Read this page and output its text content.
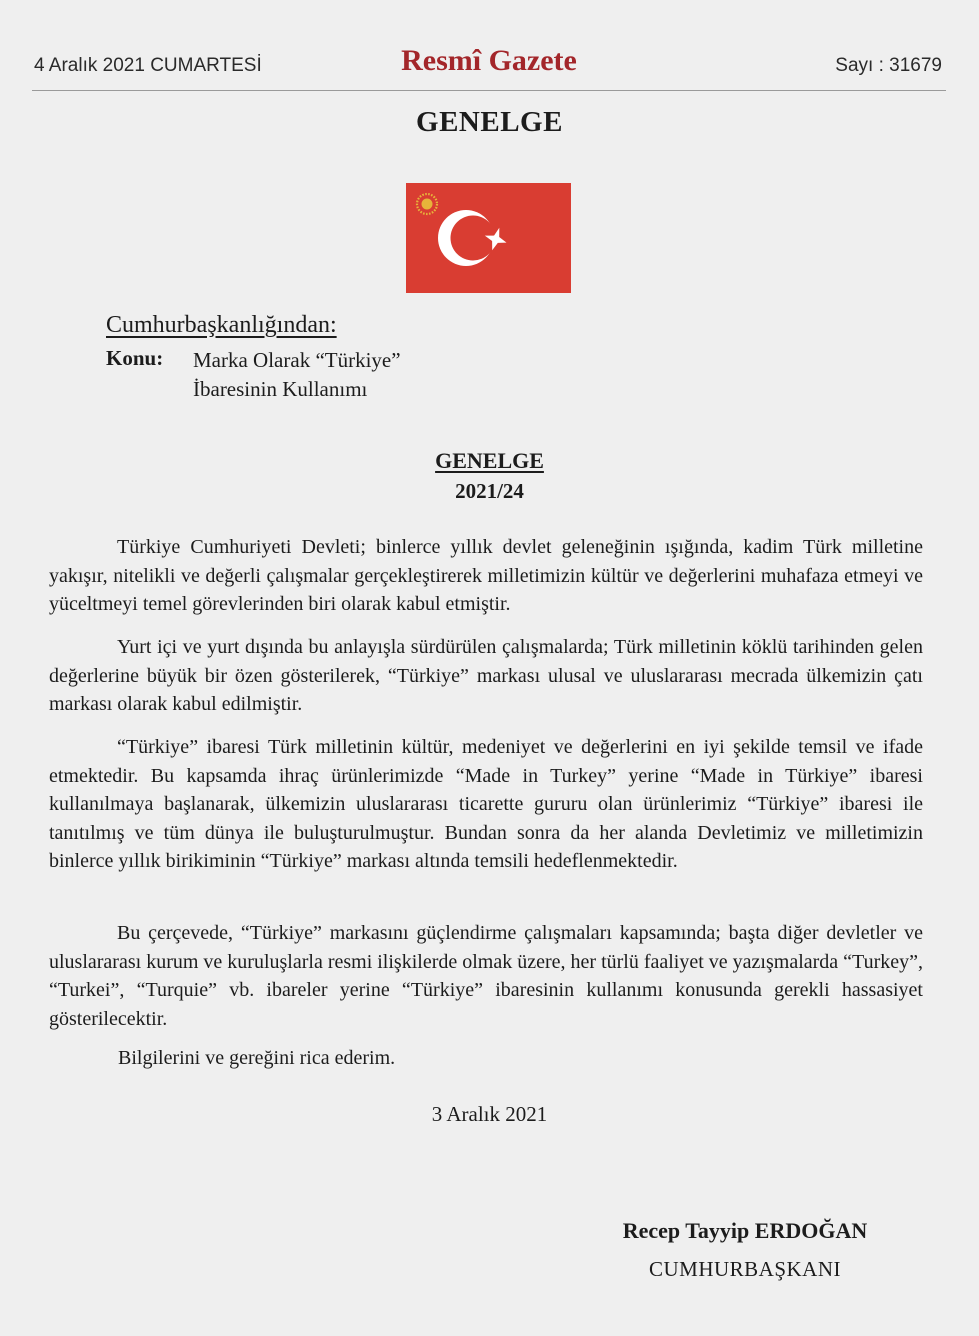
4 Aralık 2021 CUMARTESİ	Resmî Gazete	Sayı : 31679
GENELGE
Cumhurbaşkanlığından:
Konu: Marka Olarak “Türkiye”
İbaresinin Kullanımı
GENELGE
2021/24

Türkiye Cumhuriyeti Devleti; binlerce yıllık devlet geleneğinin ışığında, kadim Türk milletine yakışır, nitelikli ve değerli çalışmalar gerçekleştirerek milletimizin kültür ve değerlerini muhafaza etmeyi ve yüceltmeyi temel görevlerinden biri olarak kabul etmiştir.

Yurt içi ve yurt dışında bu anlayışla sürdürülen çalışmalarda; Türk milletinin köklü tarihinden gelen değerlerine büyük bir özen gösterilerek, “Türkiye” markası ulusal ve uluslararası mecrada ülkemizin çatı markası olarak kabul edilmiştir.

“Türkiye” ibaresi Türk milletinin kültür, medeniyet ve değerlerini en iyi şekilde temsil ve ifade etmektedir. Bu kapsamda ihraç ürünlerimizde “Made in Turkey” yerine “Made in Türkiye” ibaresi kullanılmaya başlanarak, ülkemizin uluslararası ticarette gururu olan ürünlerimiz “Türkiye” ibaresi ile tanıtılmış ve tüm dünya ile buluşturulmuştur. Bundan sonra da her alanda Devletimiz ve milletimizin binlerce yıllık birikiminin “Türkiye” markası altında temsili hedeflenmektedir.

Bu çerçevede, “Türkiye” markasını güçlendirme çalışmaları kapsamında; başta diğer devletler ve uluslararası kurum ve kuruluşlarla resmi ilişkilerde olmak üzere, her türlü faaliyet ve yazışmalarda “Turkey”, “Turkei”, “Turquie” vb. ibareler yerine “Türkiye” ibaresinin kullanımı konusunda gerekli hassasiyet gösterilecektir.

Bilgilerini ve gereğini rica ederim.
3 Aralık 2021
Recep Tayyip ERDOĞAN
CUMHURBAŞKANI
